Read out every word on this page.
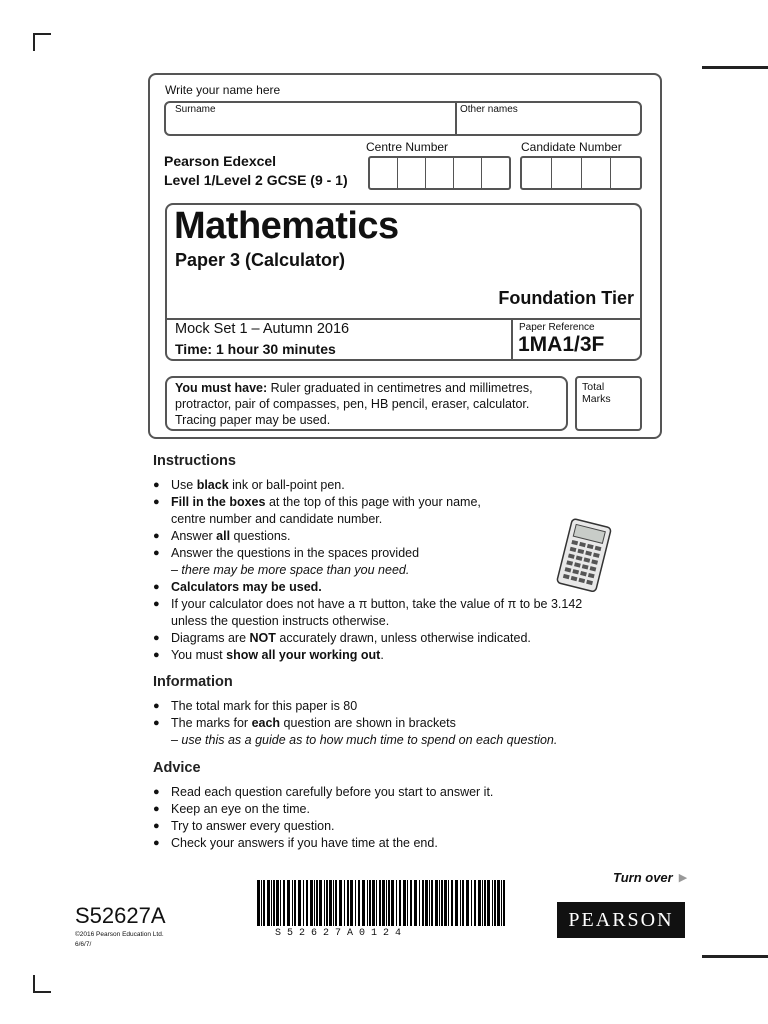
Write your name here
Surname	Other names
Centre Number	Candidate Number
Pearson Edexcel
Level 1/Level 2 GCSE (9 - 1)
Mathematics
Paper 3 (Calculator)
Foundation Tier
Mock Set 1 – Autumn 2016
Time: 1 hour 30 minutes
Paper Reference
1MA1/3F
You must have: Ruler graduated in centimetres and millimetres,
protractor, pair of compasses, pen, HB pencil, eraser, calculator.
Tracing paper may be used.
Total Marks
Instructions
● Use black ink or ball-point pen.
● Fill in the boxes at the top of this page with your name,
centre number and candidate number.
● Answer all questions.
● Answer the questions in the spaces provided
– there may be more space than you need.
● Calculators may be used.
● If your calculator does not have a π button, take the value of π to be 3.142
unless the question instructs otherwise.
● Diagrams are NOT accurately drawn, unless otherwise indicated.
● You must show all your working out.
Information
● The total mark for this paper is 80
● The marks for each question are shown in brackets
– use this as a guide as to how much time to spend on each question.
Advice
● Read each question carefully before you start to answer it.
● Keep an eye on the time.
● Try to answer every question.
● Check your answers if you have time at the end.
Turn over ▶
S52627A
©2016 Pearson Education Ltd.
6/6/7/
S 5 2 6 2 7 A 0 1 2 4
PEARSON
